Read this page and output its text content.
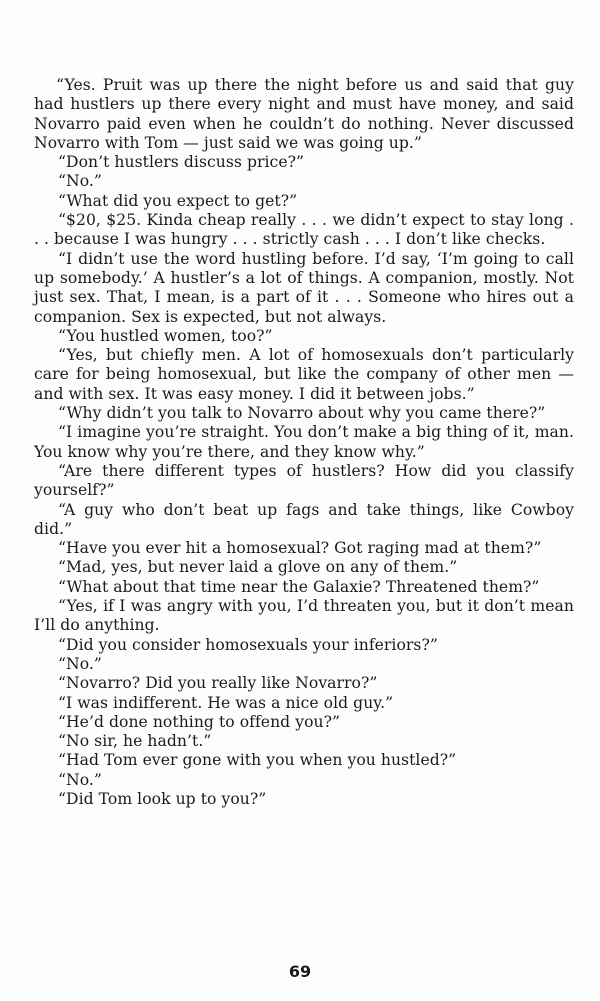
“Yes. Pruit was up there the night before us and said that guy had hustlers up there every night and must have money, and said Novarro paid even when he couldn’t do nothing. Never discussed Novarro with Tom — just said we was going up.”

“Don’t hustlers discuss price?”

“No.”

“What did you expect to get?”

“$20, $25. Kinda cheap really . . . we didn’t expect to stay long . . . because I was hungry . . . strictly cash . . . I don’t like checks.

“I didn’t use the word hustling before. I’d say, ‘I’m going to call up somebody.’ A hustler’s a lot of things. A companion, mostly. Not just sex. That, I mean, is a part of it . . . Someone who hires out a companion. Sex is expected, but not always.

“You hustled women, too?”

“Yes, but chiefly men. A lot of homosexuals don’t particularly care for being homosexual, but like the company of other men — and with sex. It was easy money. I did it between jobs.”

“Why didn’t you talk to Novarro about why you came there?”

“I imagine you’re straight. You don’t make a big thing of it, man. You know why you’re there, and they know why.”

“Are there different types of hustlers? How did you classify yourself?”

“A guy who don’t beat up fags and take things, like Cowboy did.”

“Have you ever hit a homosexual? Got raging mad at them?”

“Mad, yes, but never laid a glove on any of them.”

“What about that time near the Galaxie? Threatened them?”

“Yes, if I was angry with you, I’d threaten you, but it don’t mean I’ll do anything.

“Did you consider homosexuals your inferiors?”

“No.”

“Novarro? Did you really like Novarro?”

“I was indifferent. He was a nice old guy.”

“He’d done nothing to offend you?”

“No sir, he hadn’t.”

“Had Tom ever gone with you when you hustled?”

“No.”

“Did Tom look up to you?”

69
